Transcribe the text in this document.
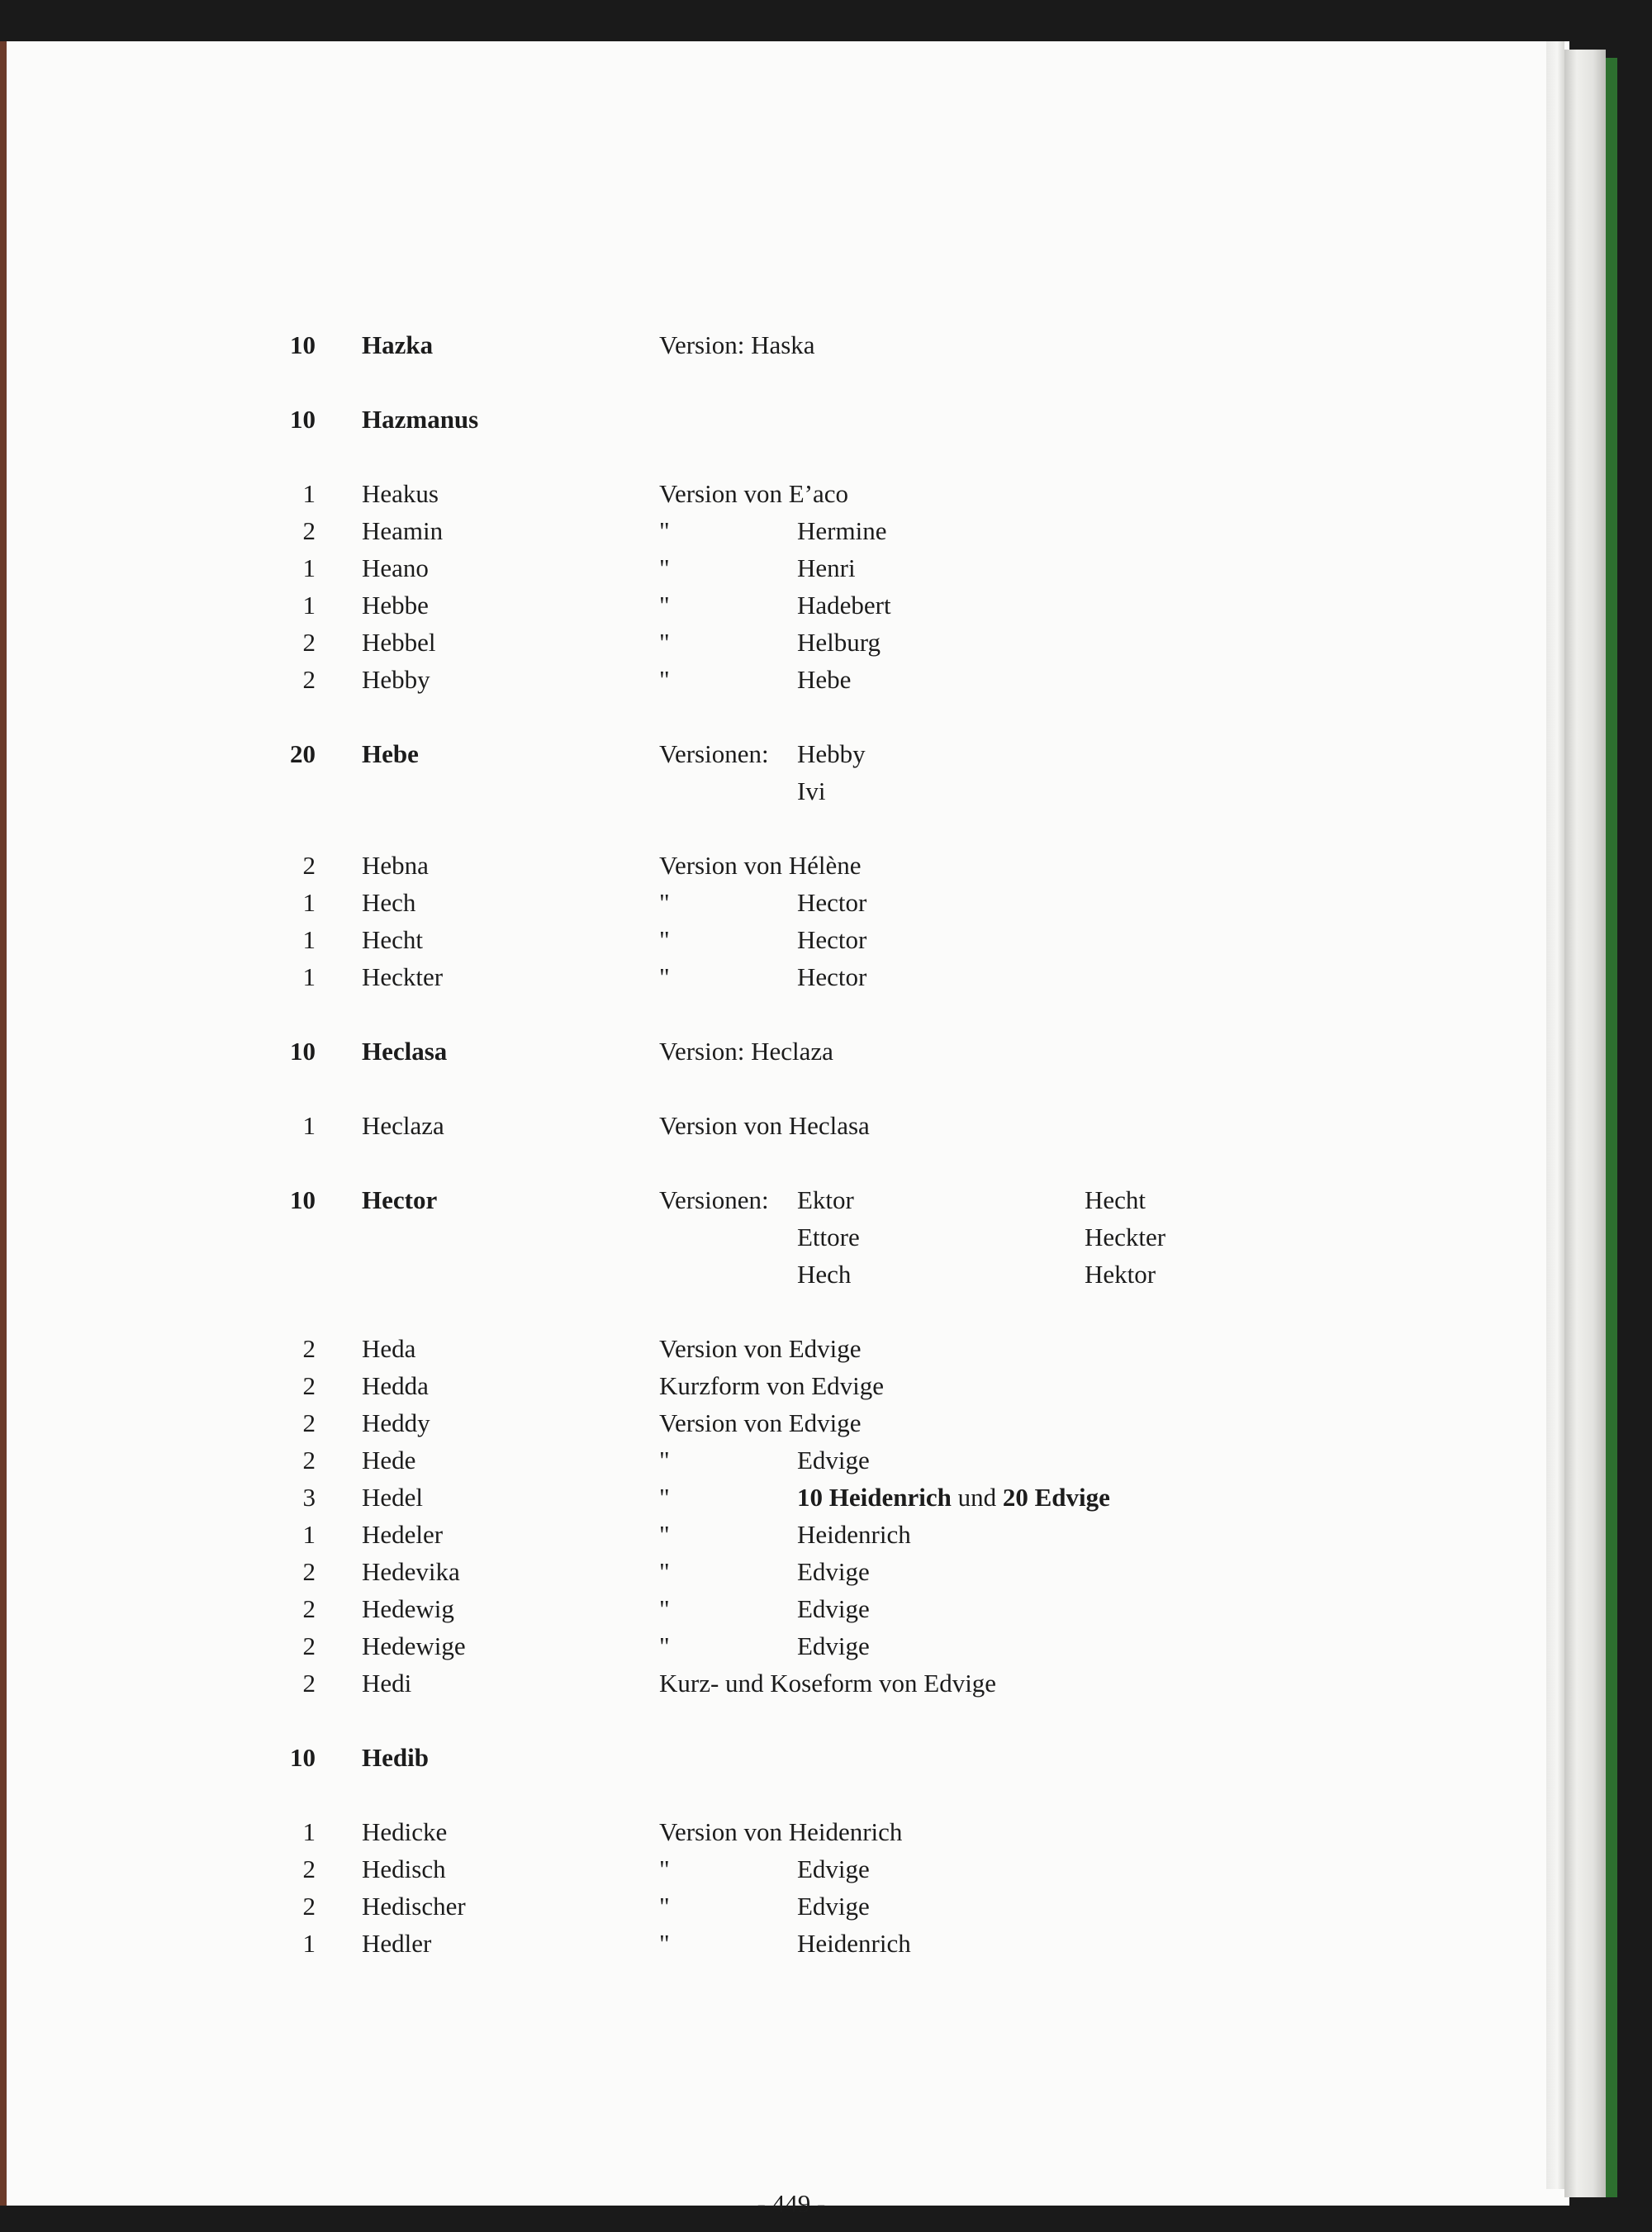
10 Hazka	Version: Haska
10 Hazmanus
1 Heakus	Version von E’aco
2 Heamin	"	Hermine
1 Heano	"	Henri
1 Hebbe	"	Hadebert
2 Hebbel	"	Helburg
2 Hebby	"	Hebe
20 Hebe	Versionen: Hebby
Ivi
2 Hebna	Version von Hélène
1 Hech	"	Hector
1 Hecht	"	Hector
1 Heckter	"	Hector
10 Heclasa	Version: Heclaza
1 Heclaza	Version von Heclasa
10 Hector	Versionen: Ektor	Hecht
Ettore	Heckter
Hech	Hektor
2 Heda	Version von Edvige
2 Hedda	Kurzform von Edvige
2 Heddy	Version von Edvige
2 Hede	"	Edvige
3 Hedel	"	10 Heidenrich und 20 Edvige
1 Hedeler	"	Heidenrich
2 Hedevika	"	Edvige
2 Hedewig	"	Edvige
2 Hedewige	"	Edvige
2 Hedi	Kurz- und Koseform von Edvige
10 Hedib
1 Hedicke	Version von Heidenrich
2 Hedisch	"	Edvige
2 Hedischer	"	Edvige
1 Hedler	"	Heidenrich
- 449 -
